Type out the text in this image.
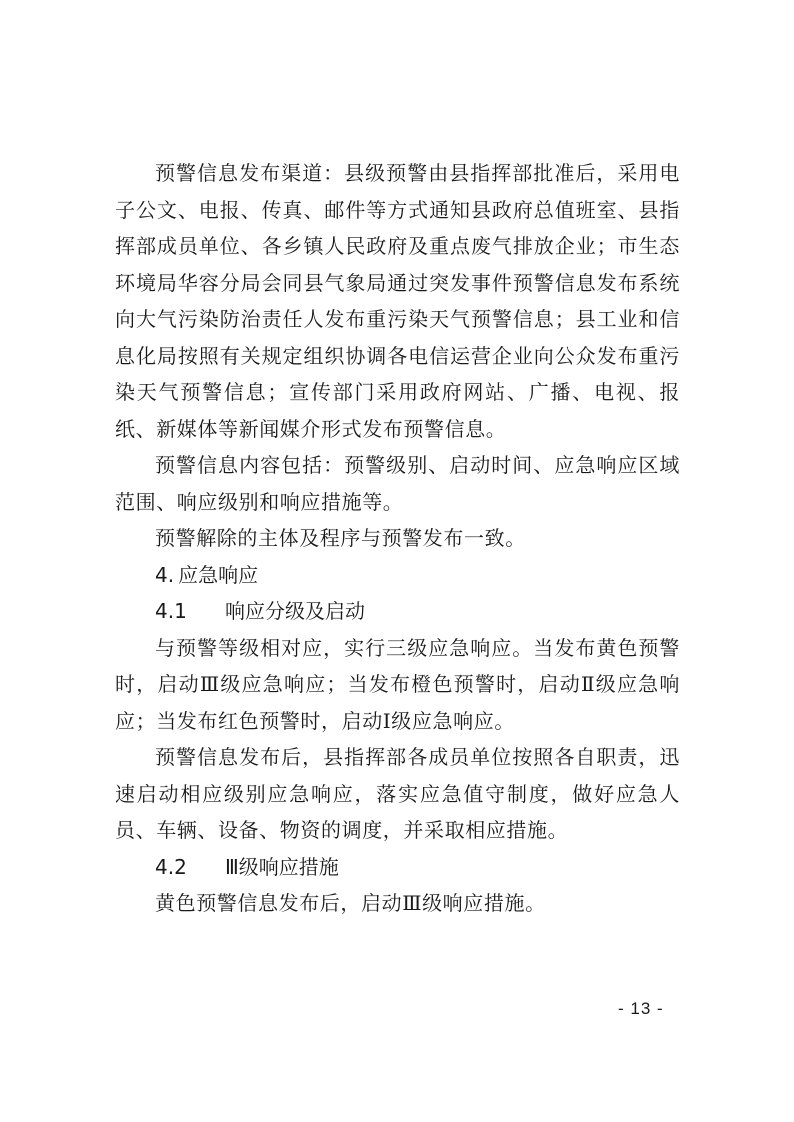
预警信息发布渠道：县级预警由县指挥部批准后，采用电子公文、电报、传真、邮件等方式通知县政府总值班室、县指挥部成员单位、各乡镇人民政府及重点废气排放企业；市生态环境局华容分局会同县气象局通过突发事件预警信息发布系统向大气污染防治责任人发布重污染天气预警信息；县工业和信息化局按照有关规定组织协调各电信运营企业向公众发布重污染天气预警信息；宣传部门采用政府网站、广播、电视、报纸、新媒体等新闻媒介形式发布预警信息。

预警信息内容包括：预警级别、启动时间、应急响应区域范围、响应级别和响应措施等。

预警解除的主体及程序与预警发布一致。

4. 应急响应

4.1 响应分级及启动

与预警等级相对应，实行三级应急响应。当发布黄色预警时，启动Ⅲ级应急响应；当发布橙色预警时，启动Ⅱ级应急响应；当发布红色预警时，启动Ⅰ级应急响应。

预警信息发布后，县指挥部各成员单位按照各自职责，迅速启动相应级别应急响应，落实应急值守制度，做好应急人员、车辆、设备、物资的调度，并采取相应措施。

4.2 Ⅲ级响应措施

黄色预警信息发布后，启动Ⅲ级响应措施。

- 13 -
